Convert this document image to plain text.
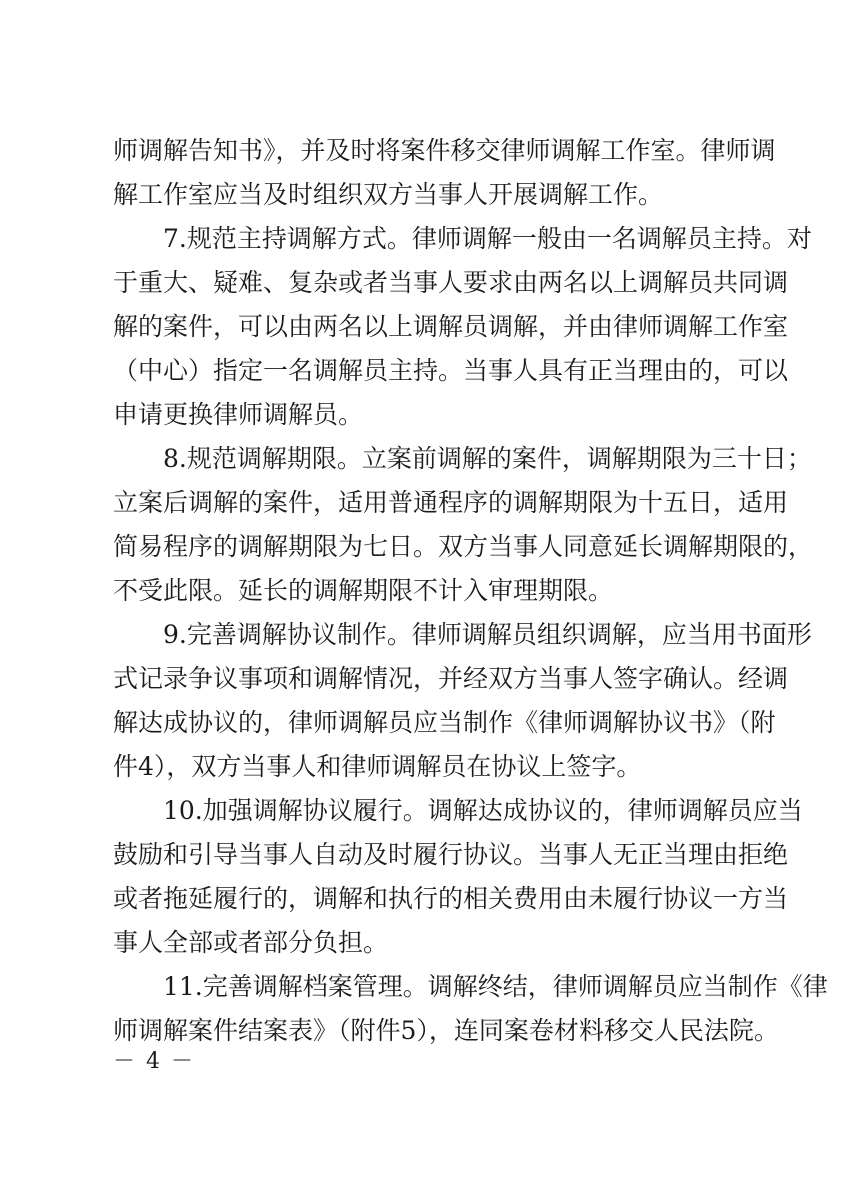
师调解告知书》，并及时将案件移交律师调解工作室。律师调
解工作室应当及时组织双方当事人开展调解工作。
7.规范主持调解方式。律师调解一般由一名调解员主持。对
于重大、疑难、复杂或者当事人要求由两名以上调解员共同调
解的案件，可以由两名以上调解员调解，并由律师调解工作室
（中心）指定一名调解员主持。当事人具有正当理由的，可以
申请更换律师调解员。
8.规范调解期限。立案前调解的案件，调解期限为三十日；
立案后调解的案件，适用普通程序的调解期限为十五日，适用
简易程序的调解期限为七日。双方当事人同意延长调解期限的，
不受此限。延长的调解期限不计入审理期限。
9.完善调解协议制作。律师调解员组织调解，应当用书面形
式记录争议事项和调解情况，并经双方当事人签字确认。经调
解达成协议的，律师调解员应当制作《律师调解协议书》（附
件4），双方当事人和律师调解员在协议上签字。
10.加强调解协议履行。调解达成协议的，律师调解员应当
鼓励和引导当事人自动及时履行协议。当事人无正当理由拒绝
或者拖延履行的，调解和执行的相关费用由未履行协议一方当
事人全部或者部分负担。
11.完善调解档案管理。调解终结，律师调解员应当制作《律
师调解案件结案表》（附件5），连同案卷材料移交人民法院。
－ 4 －
